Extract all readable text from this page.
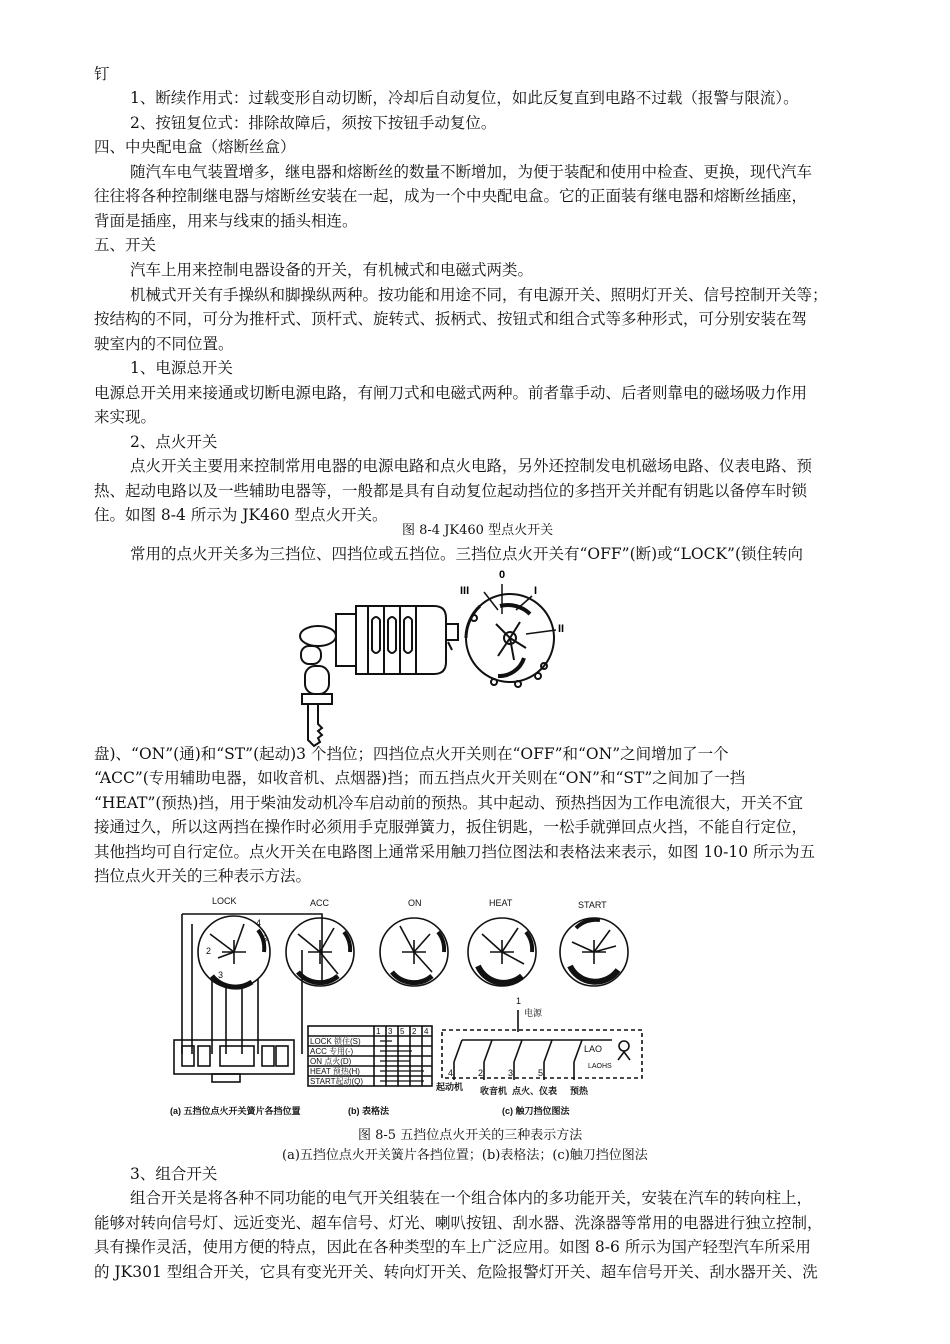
钉
1、断续作用式：过载变形自动切断，冷却后自动复位，如此反复直到电路不过载（报警与限流）。
2、按钮复位式：排除故障后，须按下按钮手动复位。
四、中央配电盒（熔断丝盒）
随汽车电气装置增多，继电器和熔断丝的数量不断增加，为便于装配和使用中检查、更换，现代汽车
往往将各种控制继电器与熔断丝安装在一起，成为一个中央配电盒。它的正面装有继电器和熔断丝插座，
背面是插座，用来与线束的插头相连。
五、开关
汽车上用来控制电器设备的开关，有机械式和电磁式两类。
机械式开关有手操纵和脚操纵两种。按功能和用途不同，有电源开关、照明灯开关、信号控制开关等；
按结构的不同，可分为推杆式、顶杆式、旋转式、扳柄式、按钮式和组合式等多种形式，可分别安装在驾
驶室内的不同位置。
1、电源总开关
电源总开关用来接通或切断电源电路，有闸刀式和电磁式两种。前者靠手动、后者则靠电的磁场吸力作用
来实现。
2、点火开关
点火开关主要用来控制常用电器的电源电路和点火电路，另外还控制发电机磁场电路、仪表电路、预
热、起动电路以及一些辅助电器等，一般都是具有自动复位起动挡位的多挡开关并配有钥匙以备停车时锁
住。如图 8-4 所示为 JK460 型点火开关。
图 8-4 JK460 型点火开关
常用的点火开关多为三挡位、四挡位或五挡位。三挡位点火开关有“OFF”(断)或“LOCK”(锁住转向
0
III	I
II
盘)、“ON”(通)和“ST”(起动)3 个挡位；四挡位点火开关则在“OFF”和“ON”之间增加了一个
“ACC”(专用辅助电器，如收音机、点烟器)挡；而五挡点火开关则在“ON”和“ST”之间加了一挡
“HEAT”(预热)挡，用于柴油发动机冷车启动前的预热。其中起动、预热挡因为工作电流很大，开关不宜
接通过久，所以这两挡在操作时必须用手克服弹簧力，扳住钥匙，一松手就弹回点火挡，不能自行定位，
其他挡均可自行定位。点火开关在电路图上通常采用触刀挡位图法和表格法来表示，如图 10-10 所示为五
挡位点火开关的三种表示方法。
LOCK	ACC	ON	HEAT	START
电源
LAO
LAOHS
起动机 收音机 点火、仪表 预热
1 3 5 2 4
LOCK 锁住(S)
ACC 专用(-)
ON 点火(D)
HEAT 预热(H)
START起动(Q)
(a) 五挡位点火开关簧片各挡位置	(b) 表格法	(c) 触刀挡位图法
2
3
4
5
1
4	2	3	5
图 8-5 五挡位点火开关的三种表示方法
(a)五挡位点火开关簧片各挡位置；(b)表格法；(c)触刀挡位图法
3、组合开关
组合开关是将各种不同功能的电气开关组装在一个组合体内的多功能开关，安装在汽车的转向柱上，
能够对转向信号灯、远近变光、超车信号、灯光、喇叭按钮、刮水器、洗涤器等常用的电器进行独立控制，
具有操作灵活，使用方便的特点，因此在各种类型的车上广泛应用。如图 8-6 所示为国产轻型汽车所采用
的 JK301 型组合开关，它具有变光开关、转向灯开关、危险报警灯开关、超车信号开关、刮水器开关、洗
